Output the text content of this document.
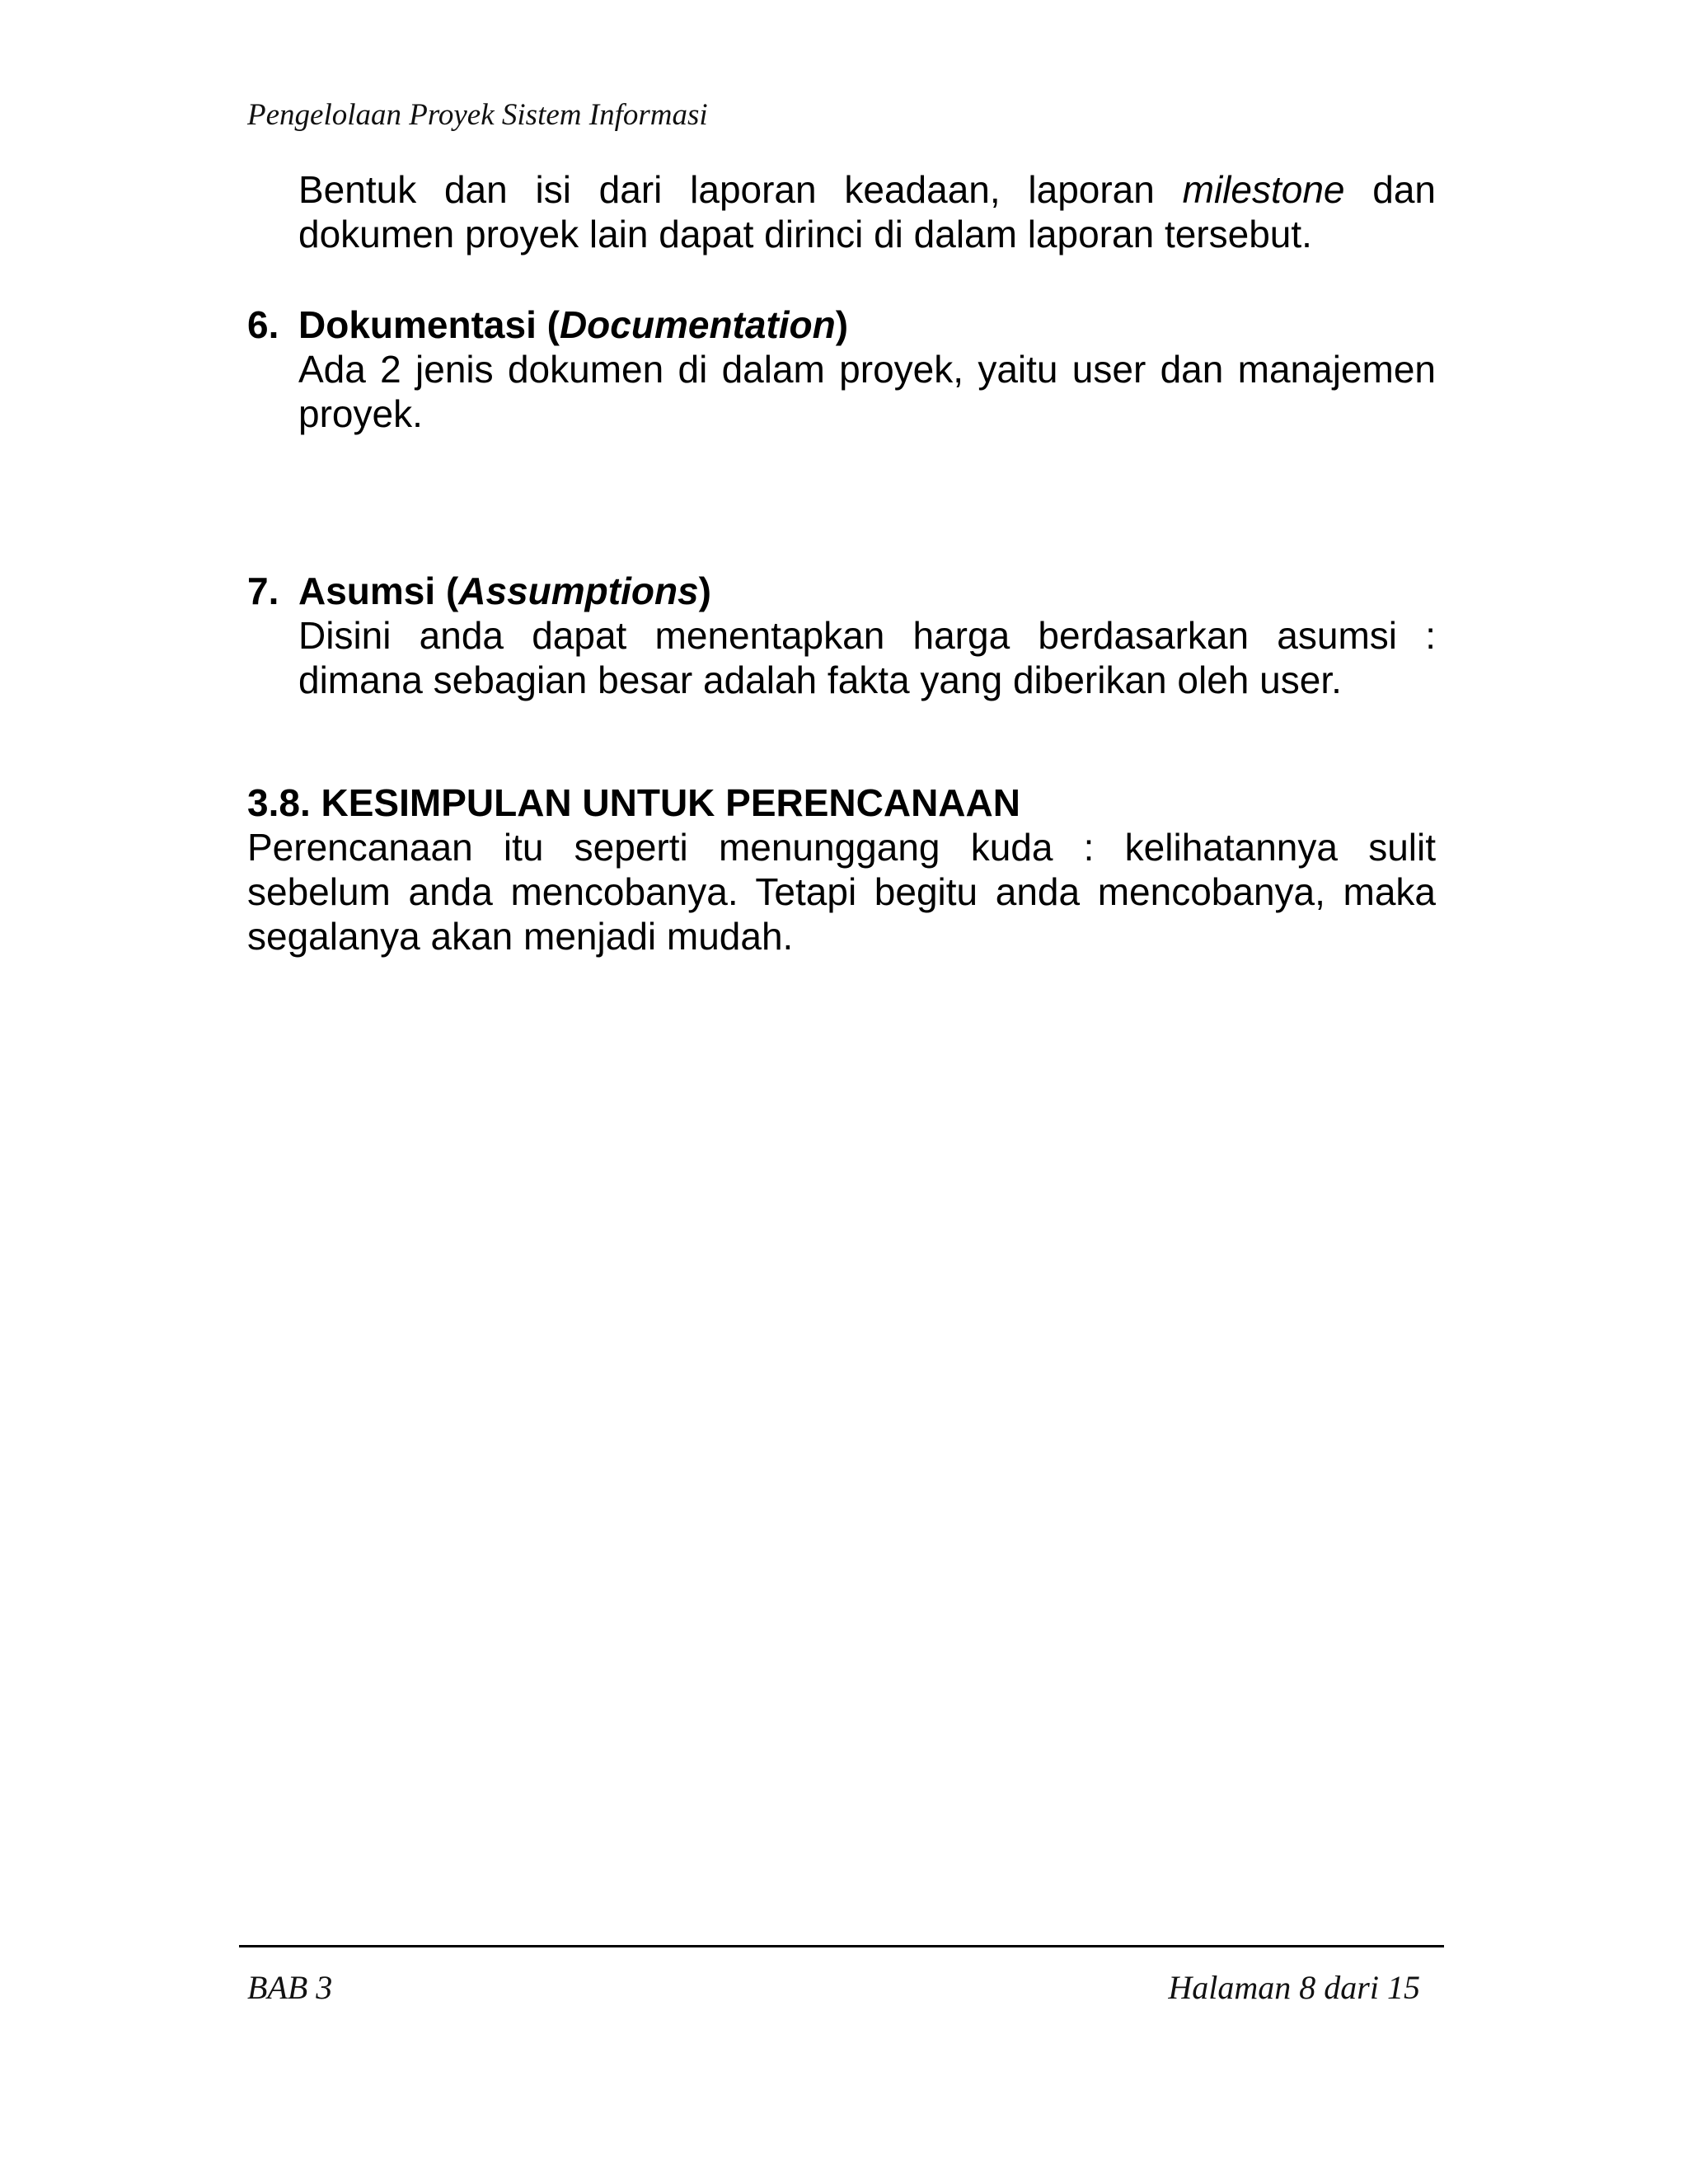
Pengelolaan Proyek Sistem Informasi
Bentuk dan isi dari laporan keadaan, laporan milestone dan dokumen proyek lain dapat dirinci di dalam laporan tersebut.
6. Dokumentasi (Documentation)
Ada 2 jenis dokumen di dalam proyek, yaitu user dan manajemen proyek.
7. Asumsi (Assumptions)
Disini anda dapat menentapkan harga berdasarkan asumsi : dimana sebagian besar adalah fakta yang diberikan oleh user.
3.8. KESIMPULAN UNTUK PERENCANAAN
Perencanaan itu seperti menunggang kuda : kelihatannya sulit sebelum anda mencobanya. Tetapi begitu anda mencobanya, maka segalanya akan menjadi mudah.
BAB 3	Halaman 8 dari 15
